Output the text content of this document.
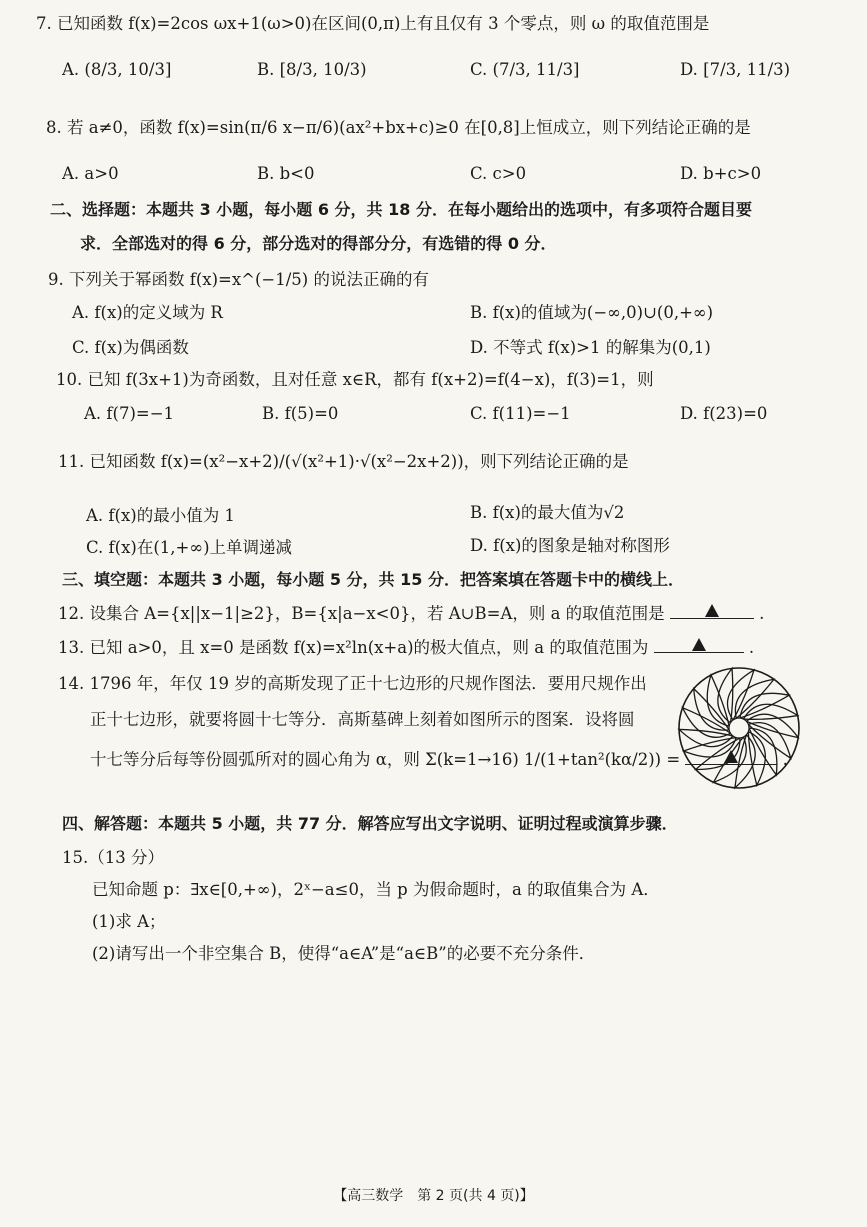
7. 已知函数 f(x)=2cos ωx+1(ω>0)在区间(0,π)上有且仅有 3 个零点，则 ω 的取值范围是
A. (8/3, 10/3]	B. [8/3, 10/3)	C. (7/3, 11/3]	D. [7/3, 11/3)
8. 若 a≠0，函数 f(x)=sin(π/6 x−π/6)(ax²+bx+c)≥0 在[0,8]上恒成立，则下列结论正确的是
A. a>0	B. b<0	C. c>0	D. b+c>0
二、选择题：本题共 3 小题，每小题 6 分，共 18 分．在每小题给出的选项中，有多项符合题目要
求．全部选对的得 6 分，部分选对的得部分分，有选错的得 0 分．
9. 下列关于幂函数 f(x)=x^(−1/5) 的说法正确的有
A. f(x)的定义域为 R	B. f(x)的值域为(−∞,0)∪(0,+∞)
C. f(x)为偶函数	D. 不等式 f(x)>1 的解集为(0,1)
10. 已知 f(3x+1)为奇函数，且对任意 x∈R，都有 f(x+2)=f(4−x)，f(3)=1，则
A. f(7)=−1	B. f(5)=0	C. f(11)=−1	D. f(23)=0
11. 已知函数 f(x)=(x²−x+2)/(√(x²+1)·√(x²−2x+2))，则下列结论正确的是
A. f(x)的最小值为 1	B. f(x)的最大值为√2
C. f(x)在(1,+∞)上单调递减	D. f(x)的图象是轴对称图形
三、填空题：本题共 3 小题，每小题 5 分，共 15 分．把答案填在答题卡中的横线上．
12. 设集合 A={x||x−1|≥2}，B={x|a−x<0}，若 A∪B=A，则 a 的取值范围是	.
13. 已知 a>0，且 x=0 是函数 f(x)=x²ln(x+a)的极大值点，则 a 的取值范围为	.
14. 1796 年，年仅 19 岁的高斯发现了正十七边形的尺规作图法．要用尺规作出
正十七边形，就要将圆十七等分．高斯墓碑上刻着如图所示的图案．设将圆
十七等分后每等份圆弧所对的圆心角为 α，则 Σ(k=1→16) 1/(1+tan²(kα/2)) =	.
四、解答题：本题共 5 小题，共 77 分．解答应写出文字说明、证明过程或演算步骤．
15.（13 分）
已知命题 p：∃x∈[0,+∞)，2ˣ−a≤0，当 p 为假命题时，a 的取值集合为 A．
(1)求 A；
(2)请写出一个非空集合 B，使得“a∈A”是“a∈B”的必要不充分条件．
【高三数学　第 2 页(共 4 页)】
